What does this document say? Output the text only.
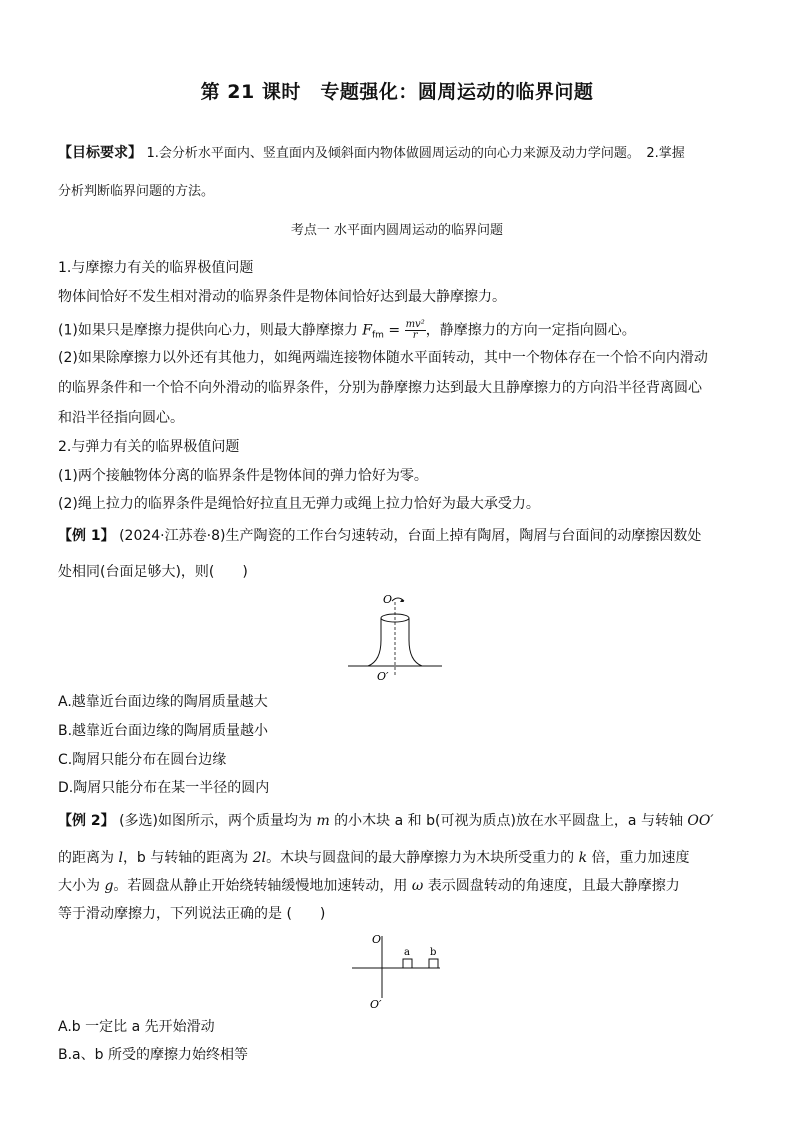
第 21 课时　专题强化：圆周运动的临界问题
【目标要求】 1.会分析水平面内、竖直面内及倾斜面内物体做圆周运动的向心力来源及动力学问题。　2.掌握
分析判断临界问题的方法。
考点一 水平面内圆周运动的临界问题
1.与摩擦力有关的临界极值问题
物体间恰好不发生相对滑动的临界条件是物体间恰好达到最大静摩擦力。
(1)如果只是摩擦力提供向心力，则最大静摩擦力 $F_{fm} = \frac{\text{mv²}}{r}$ ，静摩擦力的方向一定指向圆心。
(2)如果除摩擦力以外还有其他力，如绳两端连接物体随水平面转动，其中一个物体存在一个恰不向内滑动
的临界条件和一个恰不向外滑动的临界条件，分别为静摩擦力达到最大且静摩擦力的方向沿半径背离圆心
和沿半径指向圆心。
2.与弹力有关的临界极值问题
(1)两个接触物体分离的临界条件是物体间的弹力恰好为零。
(2)绳上拉力的临界条件是绳恰好拉直且无弹力或绳上拉力恰好为最大承受力。
【例 1】 (2024·江苏卷·8)生产陶瓷的工作台匀速转动，台面上掉有陶屑，陶屑与台面间的动摩擦因数处
处相同(台面足够大)，则(　　)
O
O′
A.越靠近台面边缘的陶屑质量越大
B.越靠近台面边缘的陶屑质量越小
C.陶屑只能分布在圆台边缘
D.陶屑只能分布在某一半径的圆内
【例 2】 (多选)如图所示，两个质量均为 m 的小木块 a 和 b(可视为质点)放在水平圆盘上，a 与转轴 OO′
的距离为 l，b 与转轴的距离为 2l。木块与圆盘间的最大静摩擦力为木块所受重力的 k 倍，重力加速度
大小为 g。若圆盘从静止开始绕转轴缓慢地加速转动，用 ω 表示圆盘转动的角速度，且最大静摩擦力
等于滑动摩擦力，下列说法正确的是 (　　)
O
a b
O′
A.b 一定比 a 先开始滑动
B.a、b 所受的摩擦力始终相等
